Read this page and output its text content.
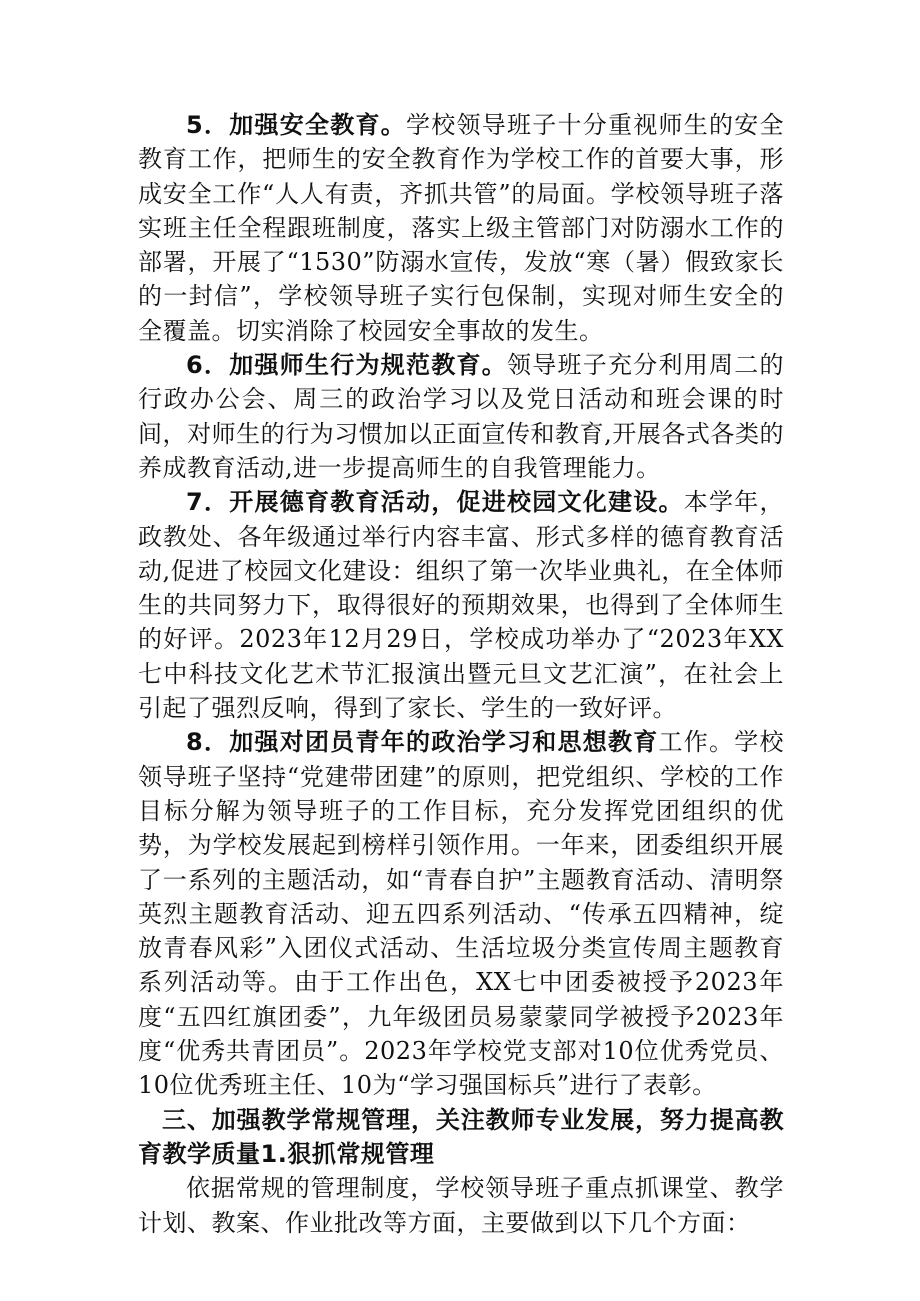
5．加强安全教育。学校领导班子十分重视师生的安全教育工作，把师生的安全教育作为学校工作的首要大事，形成安全工作“人人有责，齐抓共管”的局面。学校领导班子落实班主任全程跟班制度，落实上级主管部门对防溺水工作的部署，开展了“1530”防溺水宣传，发放“寒（暑）假致家长的一封信”，学校领导班子实行包保制，实现对师生安全的全覆盖。切实消除了校园安全事故的发生。

6．加强师生行为规范教育。领导班子充分利用周二的行政办公会、周三的政治学习以及党日活动和班会课的时间，对师生的行为习惯加以正面宣传和教育,开展各式各类的养成教育活动,进一步提高师生的自我管理能力。

7．开展德育教育活动，促进校园文化建设。本学年，政教处、各年级通过举行内容丰富、形式多样的德育教育活动,促进了校园文化建设：组织了第一次毕业典礼，在全体师生的共同努力下，取得很好的预期效果，也得到了全体师生的好评。2023年12月29日，学校成功举办了“2023年XX七中科技文化艺术节汇报演出暨元旦文艺汇演”，在社会上引起了强烈反响，得到了家长、学生的一致好评。

8．加强对团员青年的政治学习和思想教育工作。学校领导班子坚持“党建带团建”的原则，把党组织、学校的工作目标分解为领导班子的工作目标，充分发挥党团组织的优势，为学校发展起到榜样引领作用。一年来，团委组织开展了一系列的主题活动，如“青春自护”主题教育活动、清明祭英烈主题教育活动、迎五四系列活动、“传承五四精神，绽放青春风彩”入团仪式活动、生活垃圾分类宣传周主题教育系列活动等。由于工作出色，XX七中团委被授予2023年度“五四红旗团委”，九年级团员易蒙蒙同学被授予2023年度“优秀共青团员”。2023年学校党支部对10位优秀党员、10位优秀班主任、10为“学习强国标兵”进行了表彰。

三、加强教学常规管理，关注教师专业发展，努力提高教育教学质量1.狠抓常规管理

依据常规的管理制度，学校领导班子重点抓课堂、教学计划、教案、作业批改等方面，主要做到以下几个方面：
